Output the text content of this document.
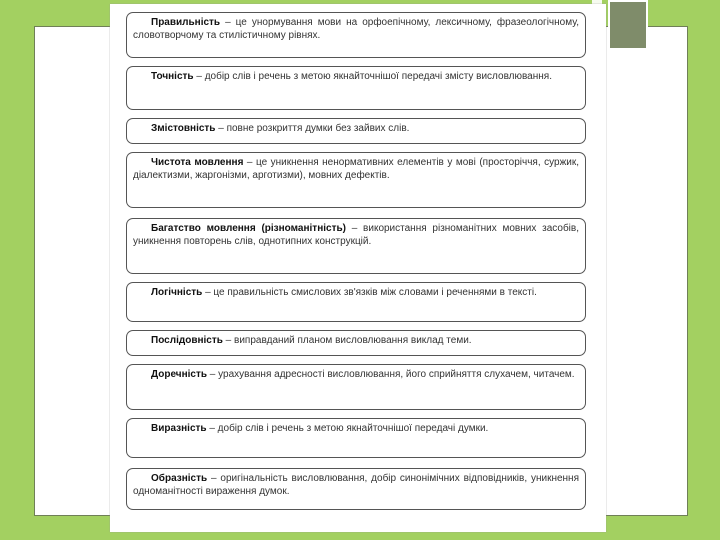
Правильність – це унормування мови на орфоепічному, лексичному, фразеологічному, словотворчому та стилістичному рівнях.
Точність – добір слів і речень з метою якнайточнішої передачі змісту висловлювання.
Змістовність – повне розкриття думки без зайвих слів.
Чистота мовлення – це уникнення ненормативних елементів у мові (просторіччя, суржик, діалектизми, жаргонізми, арготизми), мовних дефектів.
Багатство мовлення (різноманітність) – використання різноманітних мовних засобів, уникнення повторень слів, однотипних конструкцій.
Логічність – це правильність смислових зв'язків між словами і реченнями в тексті.
Послідовність – виправданий планом висловлювання виклад теми.
Доречність – урахування адресності висловлювання, його сприйняття слухачем, читачем.
Виразність – добір слів і речень з метою якнайточнішої передачі думки.
Образність – оригінальність висловлювання, добір синонімічних відповідників, уникнення одноманітності вираження думок.
